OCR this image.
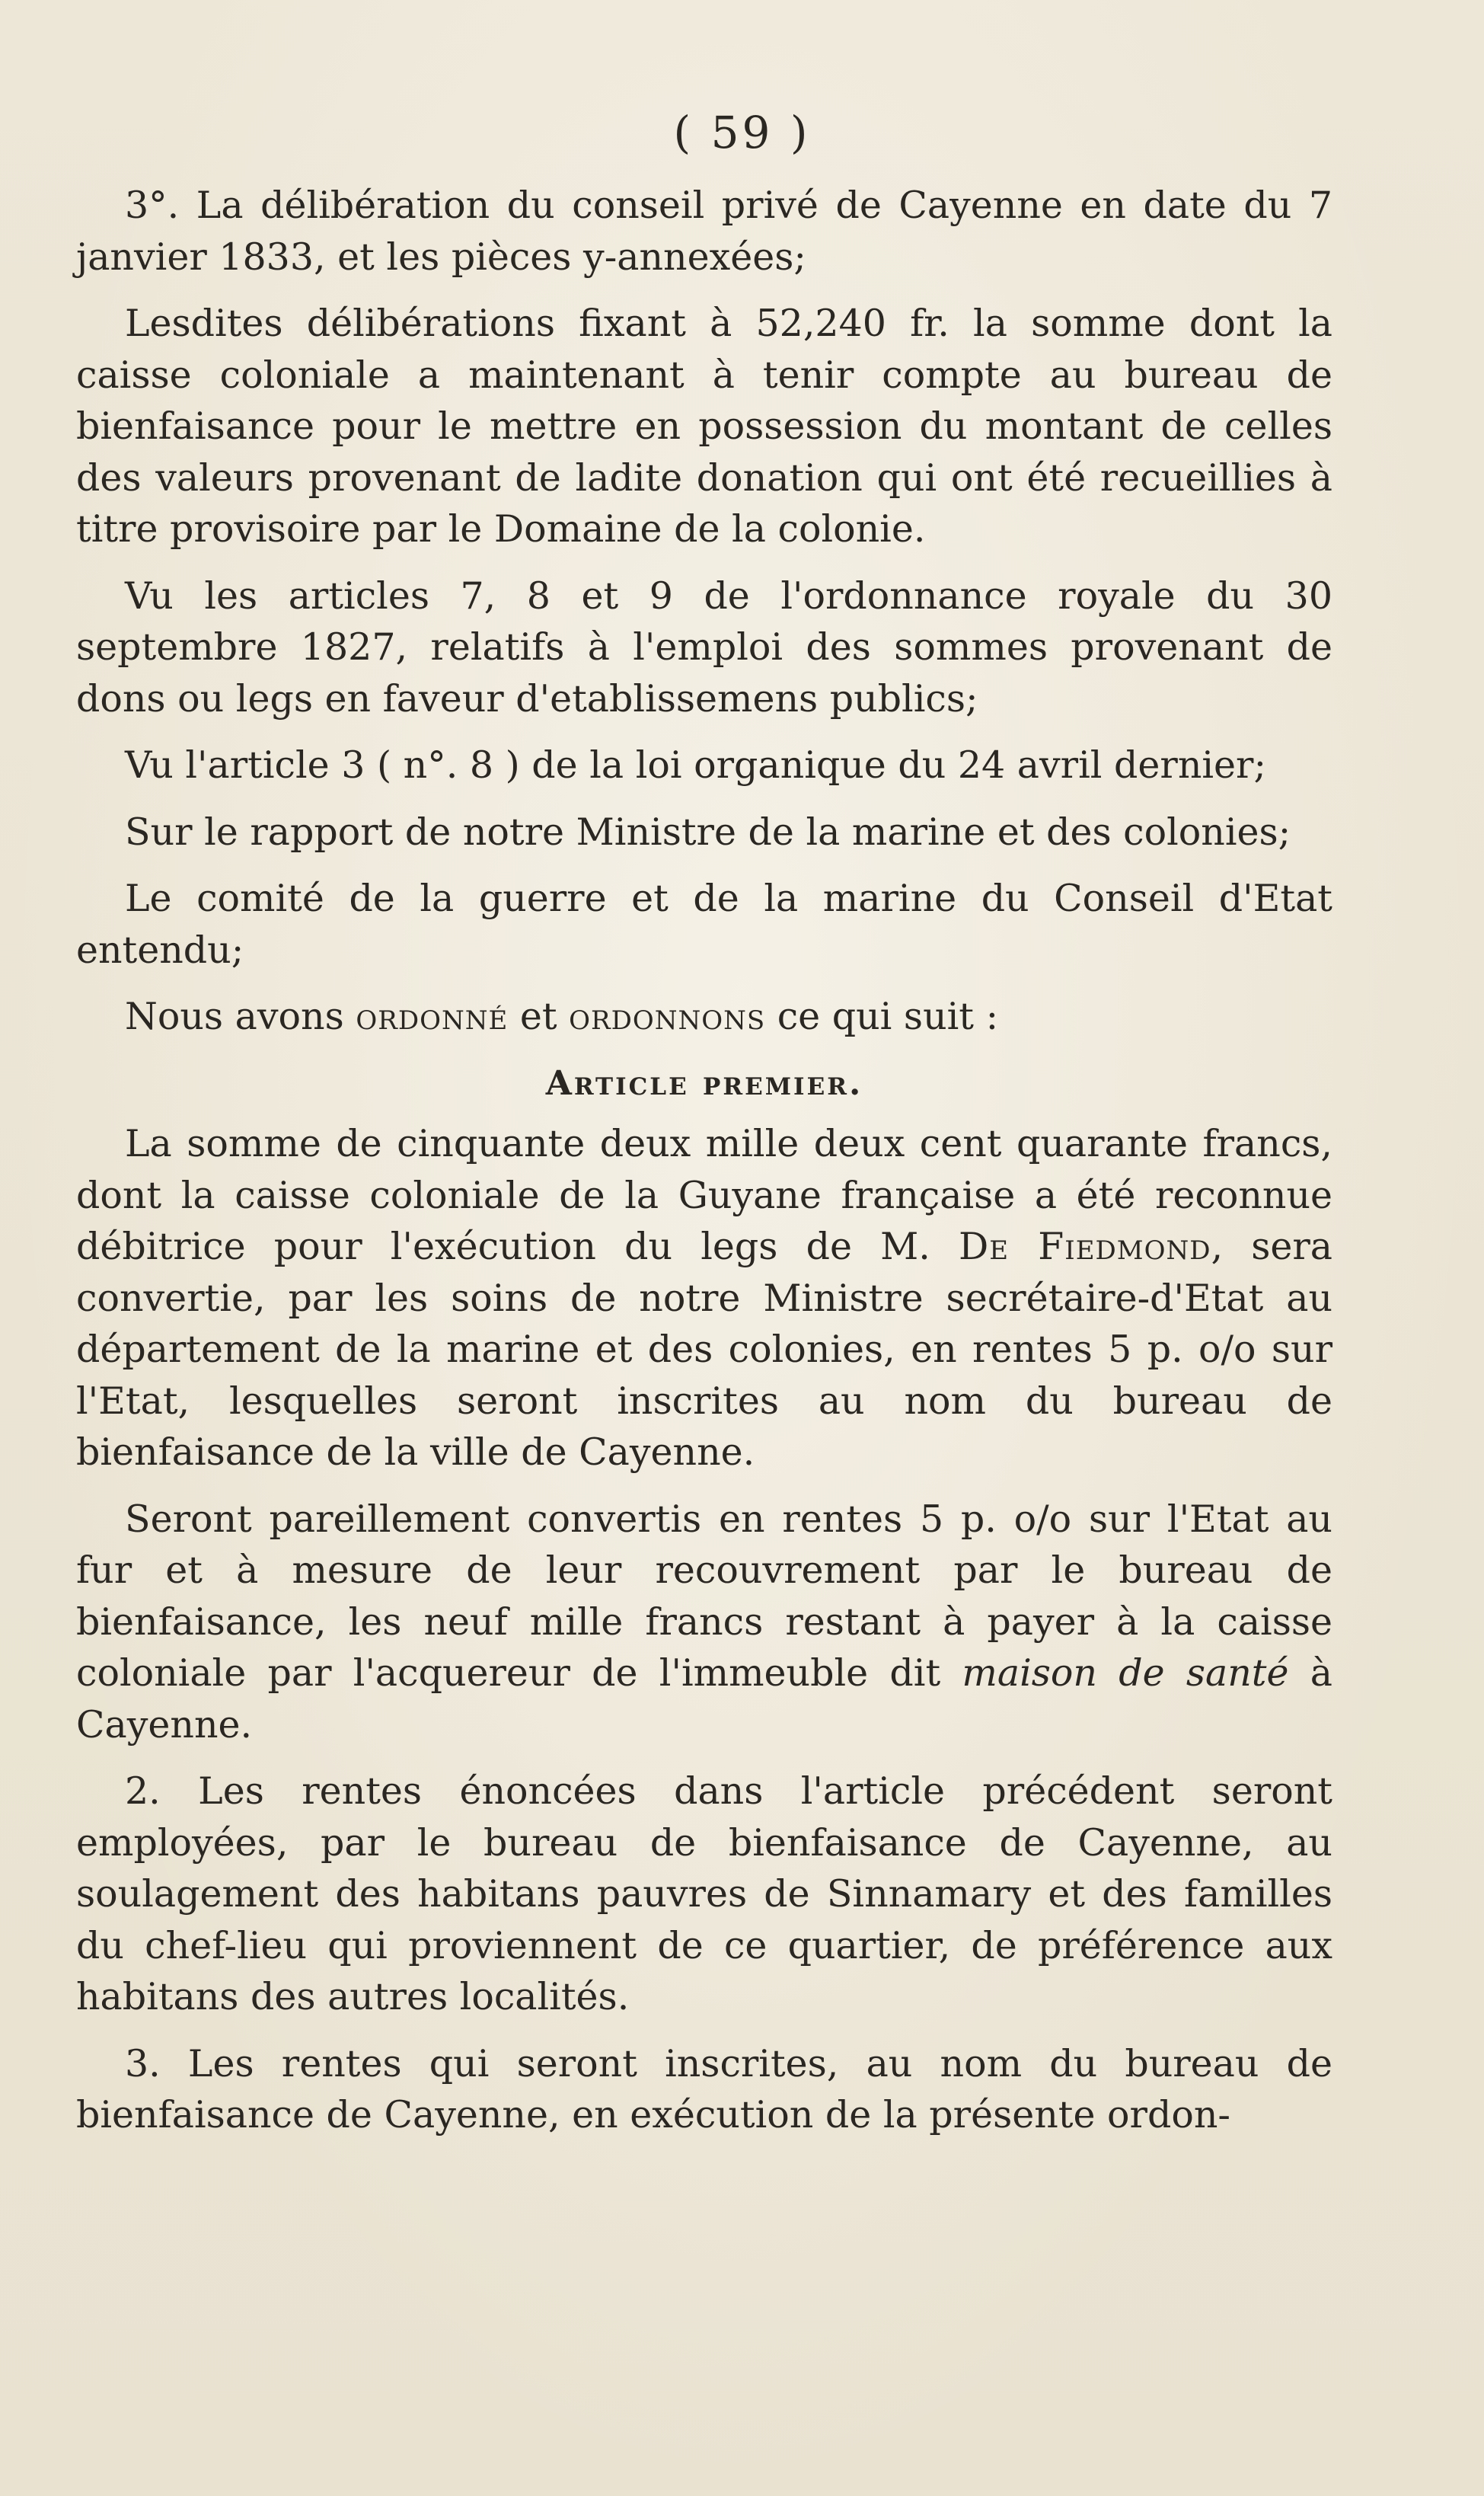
( 59 )

3°. La délibération du conseil privé de Cayenne en date du 7 janvier 1833, et les pièces y-annexées;

Lesdites délibérations fixant à 52,240 fr. la somme dont la caisse coloniale a maintenant à tenir compte au bureau de bienfaisance pour le mettre en possession du montant de celles des valeurs provenant de ladite donation qui ont été recueillies à titre provisoire par le Domaine de la colonie.

Vu les articles 7, 8 et 9 de l'ordonnance royale du 30 septembre 1827, relatifs à l'emploi des sommes provenant de dons ou legs en faveur d'etablissemens publics;

Vu l'article 3 ( n°. 8 ) de la loi organique du 24 avril dernier;

Sur le rapport de notre Ministre de la marine et des colonies;

Le comité de la guerre et de la marine du Conseil d'Etat entendu;

Nous avons ordonné et ordonnons ce qui suit :

Article premier.

La somme de cinquante deux mille deux cent quarante francs, dont la caisse coloniale de la Guyane française a été reconnue débitrice pour l'exécution du legs de M. De Fiedmond, sera convertie, par les soins de notre Ministre secrétaire-d'Etat au département de la marine et des colonies, en rentes 5 p. o/o sur l'Etat, lesquelles seront inscrites au nom du bureau de bienfaisance de la ville de Cayenne.

Seront pareillement convertis en rentes 5 p. o/o sur l'Etat au fur et à mesure de leur recouvrement par le bureau de bienfaisance, les neuf mille francs restant à payer à la caisse coloniale par l'acquereur de l'immeuble dit maison de santé à Cayenne.

2. Les rentes énoncées dans l'article précédent seront employées, par le bureau de bienfaisance de Cayenne, au soulagement des habitans pauvres de Sinnamary et des familles du chef-lieu qui proviennent de ce quartier, de préférence aux habitans des autres localités.

3. Les rentes qui seront inscrites, au nom du bureau de bienfaisance de Cayenne, en exécution de la présente ordon-
